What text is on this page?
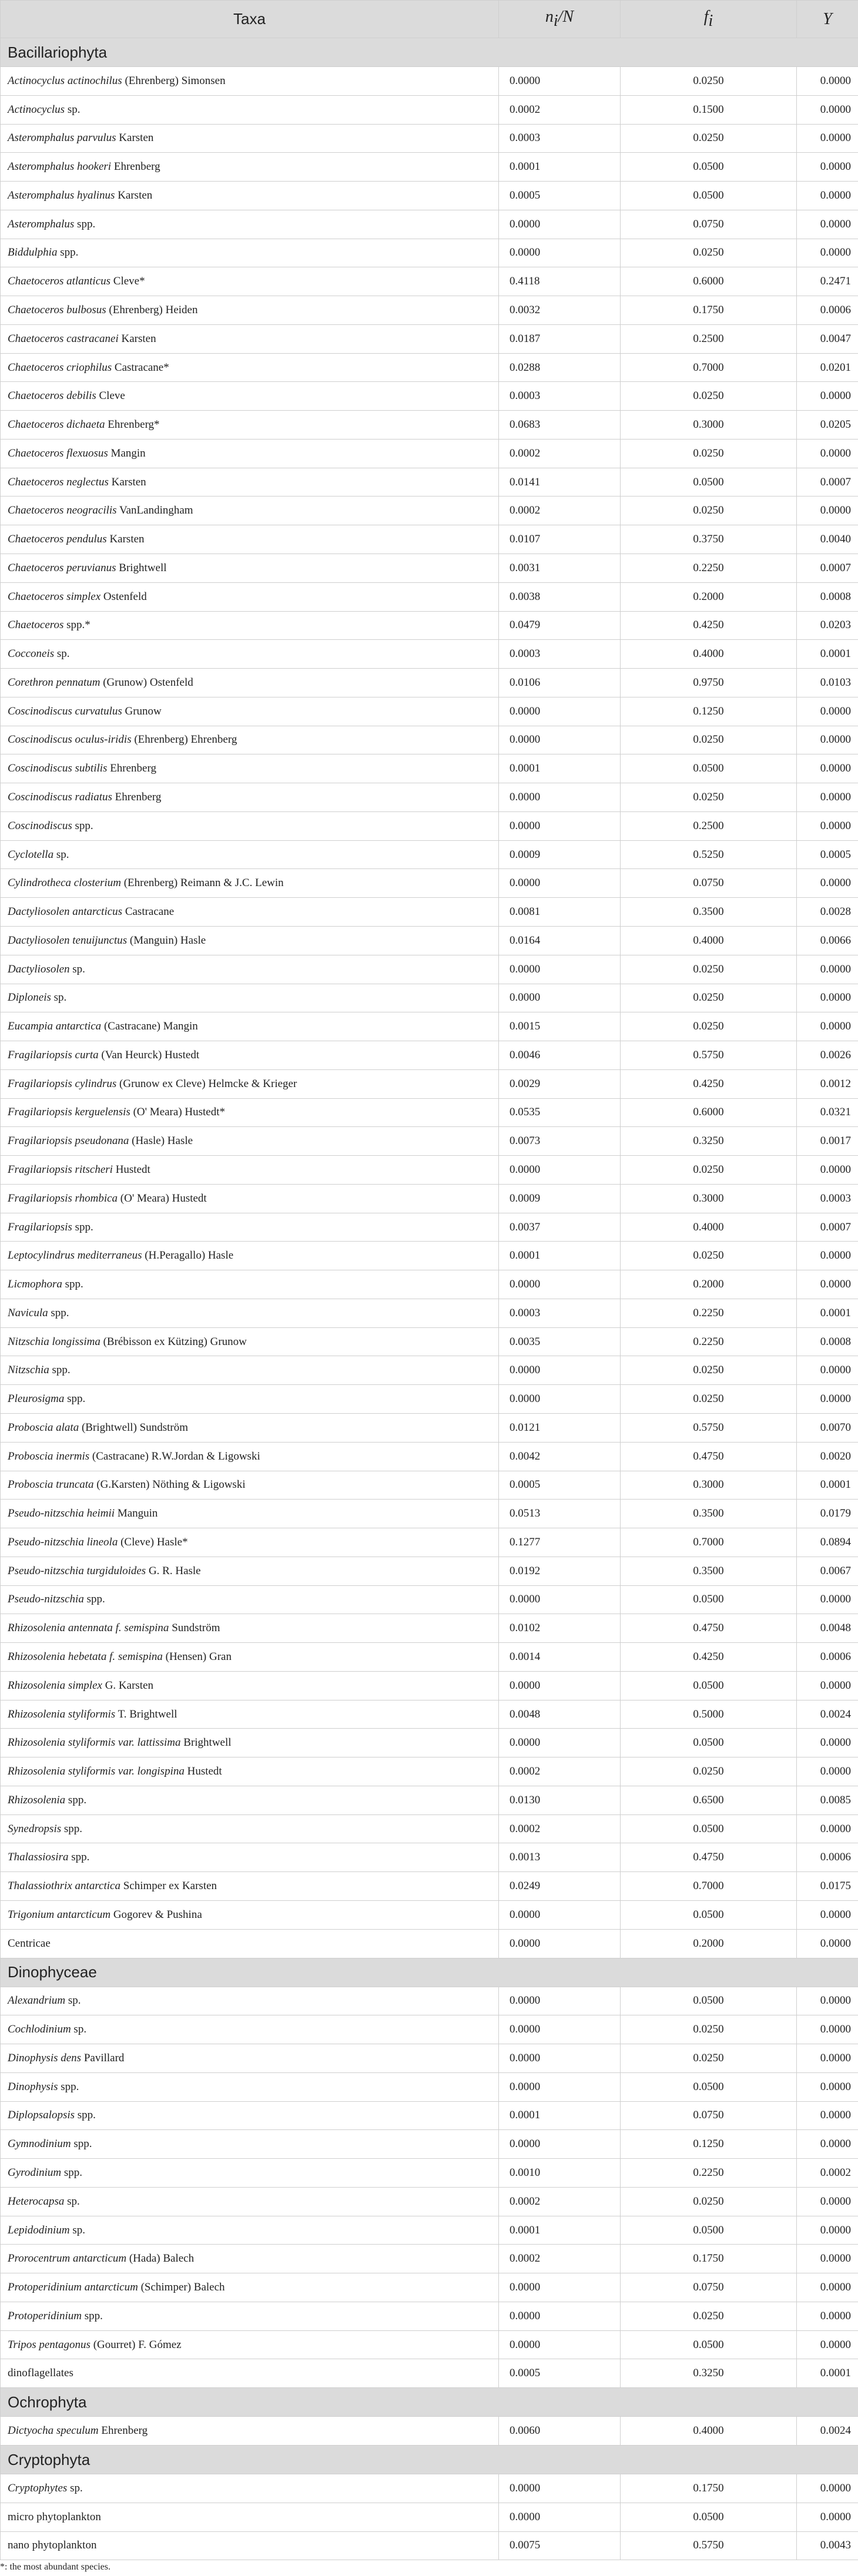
Taxa	$n_i/N$	$f_i$	Y
Bacillariophyta			
Actinocyclus actinochilus (Ehrenberg) Simonsen	0.0000	0.0250	0.0000
Actinocyclus sp.	0.0002	0.1500	0.0000
Asteromphalus parvulus Karsten	0.0003	0.0250	0.0000
Asteromphalus hookeri Ehrenberg	0.0001	0.0500	0.0000
Asteromphalus hyalinus Karsten	0.0005	0.0500	0.0000
Asteromphalus spp.	0.0000	0.0750	0.0000
Biddulphia spp.	0.0000	0.0250	0.0000
Chaetoceros atlanticus Cleve*	0.4118	0.6000	0.2471
Chaetoceros bulbosus (Ehrenberg) Heiden	0.0032	0.1750	0.0006
Chaetoceros castracanei Karsten	0.0187	0.2500	0.0047
Chaetoceros criophilus Castracane*	0.0288	0.7000	0.0201
Chaetoceros debilis Cleve	0.0003	0.0250	0.0000
Chaetoceros dichaeta Ehrenberg*	0.0683	0.3000	0.0205
Chaetoceros flexuosus Mangin	0.0002	0.0250	0.0000
Chaetoceros neglectus Karsten	0.0141	0.0500	0.0007
Chaetoceros neogracilis VanLandingham	0.0002	0.0250	0.0000
Chaetoceros pendulus Karsten	0.0107	0.3750	0.0040
Chaetoceros peruvianus Brightwell	0.0031	0.2250	0.0007
Chaetoceros simplex Ostenfeld	0.0038	0.2000	0.0008
Chaetoceros spp.*	0.0479	0.4250	0.0203
Cocconeis sp.	0.0003	0.4000	0.0001
Corethron pennatum (Grunow) Ostenfeld	0.0106	0.9750	0.0103
Coscinodiscus curvatulus Grunow	0.0000	0.1250	0.0000
Coscinodiscus oculus-iridis (Ehrenberg) Ehrenberg	0.0000	0.0250	0.0000
Coscinodiscus subtilis Ehrenberg	0.0001	0.0500	0.0000
Coscinodiscus radiatus Ehrenberg	0.0000	0.0250	0.0000
Coscinodiscus spp.	0.0000	0.2500	0.0000
Cyclotella sp.	0.0009	0.5250	0.0005
Cylindrotheca closterium (Ehrenberg) Reimann & J.C. Lewin	0.0000	0.0750	0.0000
Dactyliosolen antarcticus Castracane	0.0081	0.3500	0.0028
Dactyliosolen tenuijunctus (Manguin) Hasle	0.0164	0.4000	0.0066
Dactyliosolen sp.	0.0000	0.0250	0.0000
Diploneis sp.	0.0000	0.0250	0.0000
Eucampia antarctica (Castracane) Mangin	0.0015	0.0250	0.0000
Fragilariopsis curta (Van Heurck) Hustedt	0.0046	0.5750	0.0026
Fragilariopsis cylindrus (Grunow ex Cleve) Helmcke & Krieger	0.0029	0.4250	0.0012
Fragilariopsis kerguelensis (O' Meara) Hustedt*	0.0535	0.6000	0.0321
Fragilariopsis pseudonana (Hasle) Hasle	0.0073	0.3250	0.0017
Fragilariopsis ritscheri Hustedt	0.0000	0.0250	0.0000
Fragilariopsis rhombica (O' Meara) Hustedt	0.0009	0.3000	0.0003
Fragilariopsis spp.	0.0037	0.4000	0.0007
Leptocylindrus mediterraneus (H.Peragallo) Hasle	0.0001	0.0250	0.0000
Licmophora spp.	0.0000	0.2000	0.0000
Navicula spp.	0.0003	0.2250	0.0001
Nitzschia longissima (Brébisson ex Kützing) Grunow	0.0035	0.2250	0.0008
Nitzschia spp.	0.0000	0.0250	0.0000
Pleurosigma spp.	0.0000	0.0250	0.0000
Proboscia alata (Brightwell) Sundström	0.0121	0.5750	0.0070
Proboscia inermis (Castracane) R.W.Jordan & Ligowski	0.0042	0.4750	0.0020
Proboscia truncata (G.Karsten) Nöthing & Ligowski	0.0005	0.3000	0.0001
Pseudo-nitzschia heimii Manguin	0.0513	0.3500	0.0179
Pseudo-nitzschia lineola (Cleve) Hasle*	0.1277	0.7000	0.0894
Pseudo-nitzschia turgiduloides G. R. Hasle	0.0192	0.3500	0.0067
Pseudo-nitzschia spp.	0.0000	0.0500	0.0000
Rhizosolenia antennata f. semispina Sundström	0.0102	0.4750	0.0048
Rhizosolenia hebetata f. semispina (Hensen) Gran	0.0014	0.4250	0.0006
Rhizosolenia simplex G. Karsten	0.0000	0.0500	0.0000
Rhizosolenia styliformis T. Brightwell	0.0048	0.5000	0.0024
Rhizosolenia styliformis var. lattissima Brightwell	0.0000	0.0500	0.0000
Rhizosolenia styliformis var. longispina Hustedt	0.0002	0.0250	0.0000
Rhizosolenia spp.	0.0130	0.6500	0.0085
Synedropsis spp.	0.0002	0.0500	0.0000
Thalassiosira spp.	0.0013	0.4750	0.0006
Thalassiothrix antarctica Schimper ex Karsten	0.0249	0.7000	0.0175
Trigonium antarcticum Gogorev & Pushina	0.0000	0.0500	0.0000
Centricae	0.0000	0.2000	0.0000
Dinophyceae			
Alexandrium sp.	0.0000	0.0500	0.0000
Cochlodinium sp.	0.0000	0.0250	0.0000
Dinophysis dens Pavillard	0.0000	0.0250	0.0000
Dinophysis spp.	0.0000	0.0500	0.0000
Diplopsalopsis spp.	0.0001	0.0750	0.0000
Gymnodinium spp.	0.0000	0.1250	0.0000
Gyrodinium spp.	0.0010	0.2250	0.0002
Heterocapsa sp.	0.0002	0.0250	0.0000
Lepidodinium sp.	0.0001	0.0500	0.0000
Prorocentrum antarcticum (Hada) Balech	0.0002	0.1750	0.0000
Protoperidinium antarcticum (Schimper) Balech	0.0000	0.0750	0.0000
Protoperidinium spp.	0.0000	0.0250	0.0000
Tripos pentagonus (Gourret) F. Gómez	0.0000	0.0500	0.0000
dinoflagellates	0.0005	0.3250	0.0001
Ochrophyta			
Dictyocha speculum Ehrenberg	0.0060	0.4000	0.0024
Cryptophyta			
Cryptophytes sp.	0.0000	0.1750	0.0000
micro phytoplankton	0.0000	0.0500	0.0000
nano phytoplankton	0.0075	0.5750	0.0043
*: the most abundant species.
